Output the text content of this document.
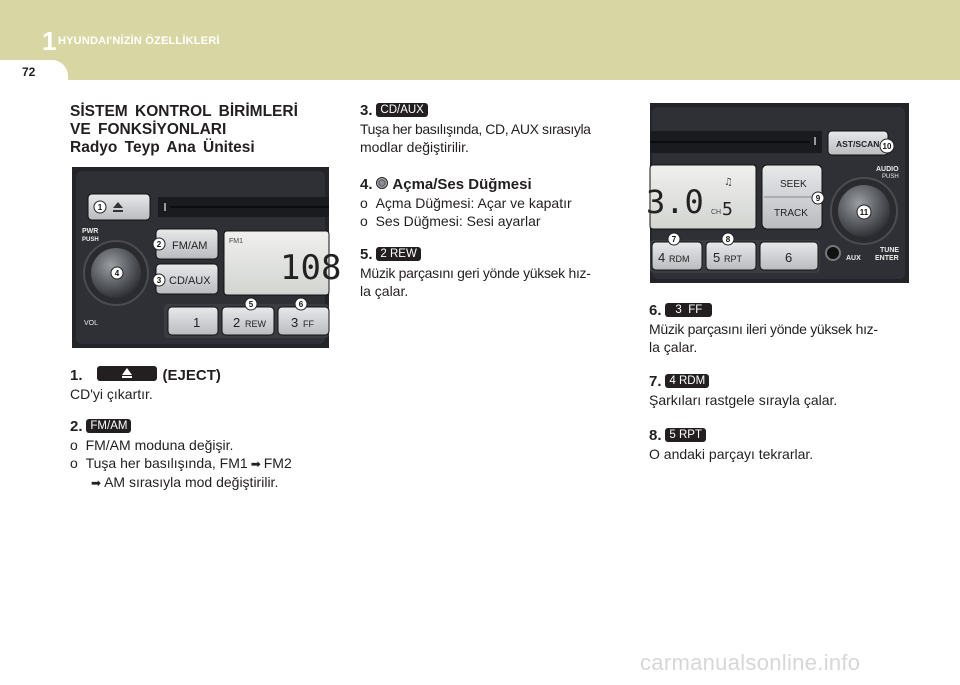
1 HYUNDAI'NİZİN ÖZELLİKLERİ
72
SİSTEM KONTROL BİRİMLERİ
VE FONKSİYONLARI
Radyo Teyp Ana Ünitesi
PWR
PUSH
VOL
FM/AM
CD/AUX
FM1
108
1	2 REW 3 FF
1
2
3
4
5	6
AST/SCAN
3.0 CH 5
♫	SEEK
TRACK
AUDIO
PUSH
4 RDM 5 RPT	6	AUX
TUNE
ENTER
7	8
9
10
11
1.	(EJECT)
CD'yi çıkartır.
2. FM/AM
o FM/AM moduna değişir.
o Tuşa her basılışında, FM1 ➡ FM2
➡ AM sırasıyla mod değiştirilir.
3. CD/AUX
Tuşa her basılışında, CD, AUX sırasıyla
modlar değiştirilir.
4. Açma/Ses Düğmesi
o Açma Düğmesi: Açar ve kapatır
o Ses Düğmesi: Sesi ayarlar
5. 2 REW
Müzik parçasını geri yönde yüksek hız-
la çalar.
6. 3  FF
Müzik parçasını ileri yönde yüksek hız-
la çalar.
7. 4 RDM
Şarkıları rastgele sırayla çalar.
8. 5 RPT
O andaki parçayı tekrarlar.
carmanualsonline.info
